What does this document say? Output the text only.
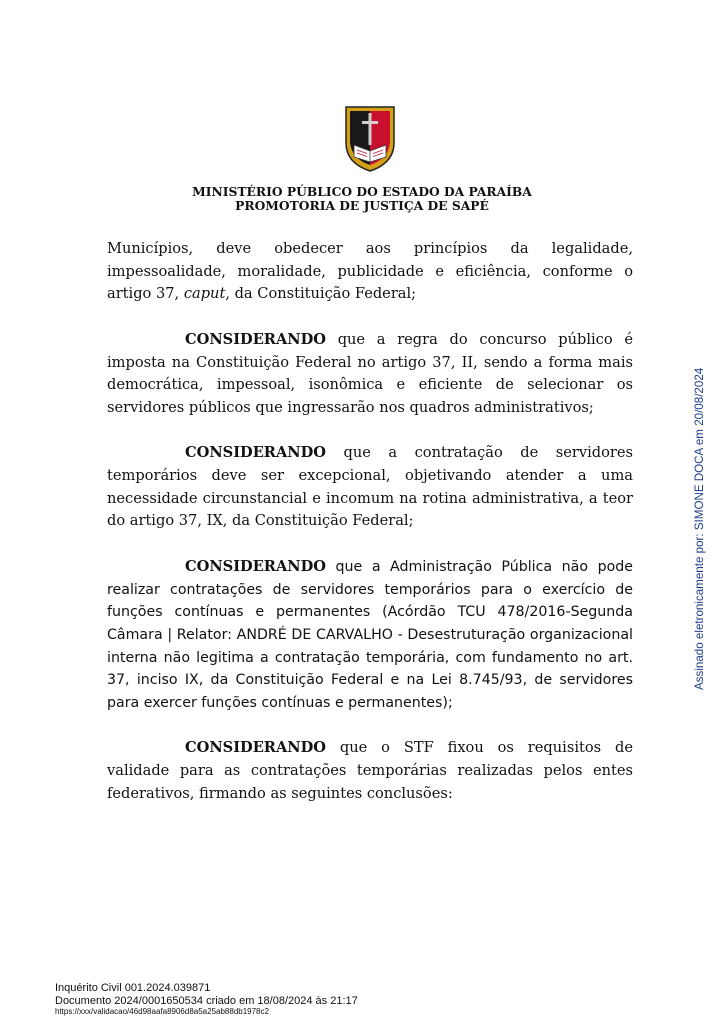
MINISTÉRIO PÚBLICO DO ESTADO DA PARAÍBA
PROMOTORIA DE JUSTIÇA DE SAPÉ

Municípios, deve obedecer aos princípios da legalidade, impessoalidade, moralidade, publicidade e eficiência, conforme o artigo 37, caput, da Constituição Federal;

CONSIDERANDO que a regra do concurso público é imposta na Constituição Federal no artigo 37, II, sendo a forma mais democrática, impessoal, isonômica e eficiente de selecionar os servidores públicos que ingressarão nos quadros administrativos;

CONSIDERANDO que a contratação de servidores temporários deve ser excepcional, objetivando atender a uma necessidade circunstancial e incomum na rotina administrativa, a teor do artigo 37, IX, da Constituição Federal;

CONSIDERANDO que a Administração Pública não pode realizar contratações de servidores temporários para o exercício de funções contínuas e permanentes (Acórdão TCU 478/2016-Segunda Câmara | Relator: ANDRÉ DE CARVALHO - Desestruturação organizacional interna não legitima a contratação temporária, com fundamento no art. 37, inciso IX, da Constituição Federal e na Lei 8.745/93, de servidores para exercer funções contínuas e permanentes);

CONSIDERANDO que o STF fixou os requisitos de validade para as contratações temporárias realizadas pelos entes federativos, firmando as seguintes conclusões:

Assinado eletronicamente por: SIMONE DOCA em 20/08/2024
Inquérito Civil 001.2024.039871
Documento 2024/0001650534 criado em 18/08/2024 às 21:17
https://xxx/validacao/46d98aafa8906d8a5a25ab88db1978c2
